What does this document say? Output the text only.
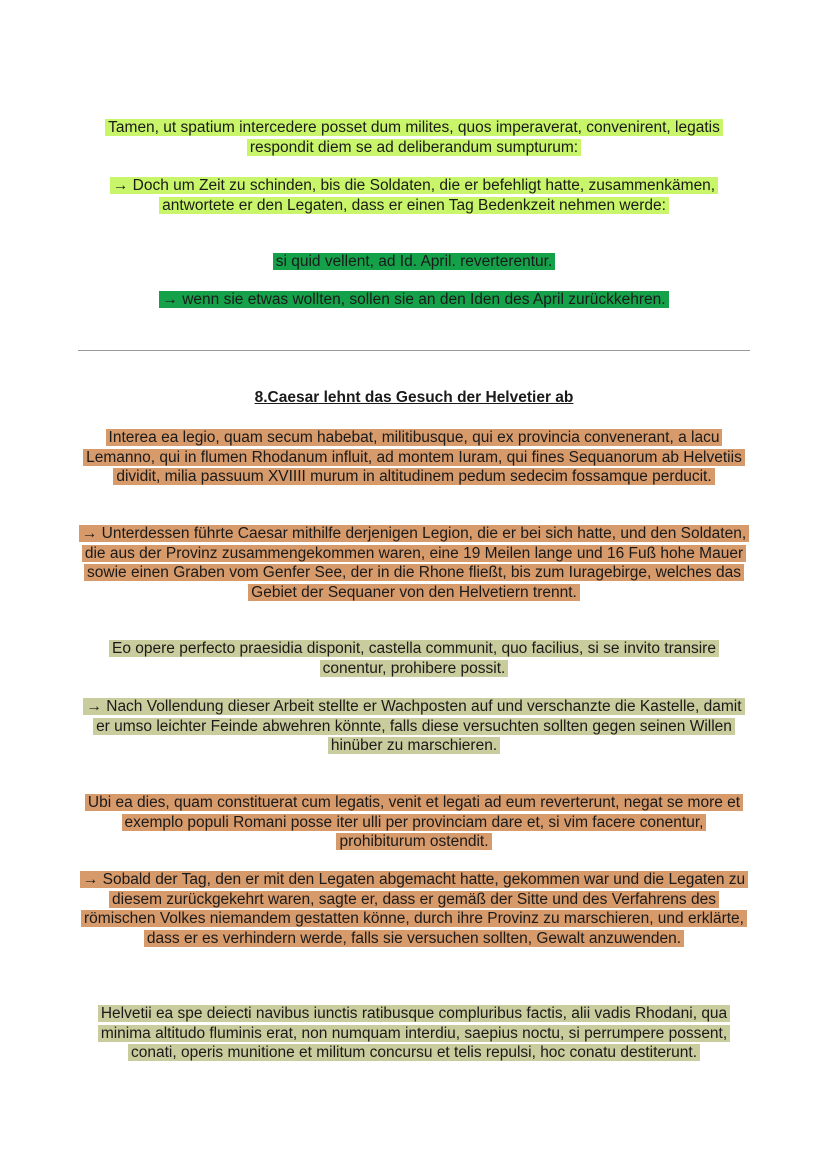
Tamen, ut spatium intercedere posset dum milites, quos imperaverat, convenirent, legatis respondit diem se ad deliberandum sumpturum:

→ Doch um Zeit zu schinden, bis die Soldaten, die er befehligt hatte, zusammenkämen, antwortete er den Legaten, dass er einen Tag Bedenkzeit nehmen werde:

si quid vellent, ad Id. April. reverterentur.

→ wenn sie etwas wollten, sollen sie an den Iden des April zurückkehren.

8.Caesar lehnt das Gesuch der Helvetier ab

Interea ea legio, quam secum habebat, militibusque, qui ex provincia convenerant, a lacu Lemanno, qui in flumen Rhodanum influit, ad montem Iuram, qui fines Sequanorum ab Helvetiis dividit, milia passuum XVIIII murum in altitudinem pedum sedecim fossamque perducit.

→ Unterdessen führte Caesar mithilfe derjenigen Legion, die er bei sich hatte, und den Soldaten, die aus der Provinz zusammengekommen waren, eine 19 Meilen lange und 16 Fuß hohe Mauer sowie einen Graben vom Genfer See, der in die Rhone fließt, bis zum Iuragebirge, welches das Gebiet der Sequaner von den Helvetiern trennt.

Eo opere perfecto praesidia disponit, castella communit, quo facilius, si se invito transire conentur, prohibere possit.

→ Nach Vollendung dieser Arbeit stellte er Wachposten auf und verschanzte die Kastelle, damit er umso leichter Feinde abwehren könnte, falls diese versuchten sollten gegen seinen Willen hinüber zu marschieren.

Ubi ea dies, quam constituerat cum legatis, venit et legati ad eum reverterunt, negat se more et exemplo populi Romani posse iter ulli per provinciam dare et, si vim facere conentur, prohibiturum ostendit.

→ Sobald der Tag, den er mit den Legaten abgemacht hatte, gekommen war und die Legaten zu diesem zurückgekehrt waren, sagte er, dass er gemäß der Sitte und des Verfahrens des römischen Volkes niemandem gestatten könne, durch ihre Provinz zu marschieren, und erklärte, dass er es verhindern werde, falls sie versuchen sollten, Gewalt anzuwenden.

Helvetii ea spe deiecti navibus iunctis ratibusque compluribus factis, alii vadis Rhodani, qua minima altitudo fluminis erat, non numquam interdiu, saepius noctu, si perrumpere possent, conati, operis munitione et militum concursu et telis repulsi, hoc conatu destiterunt.
